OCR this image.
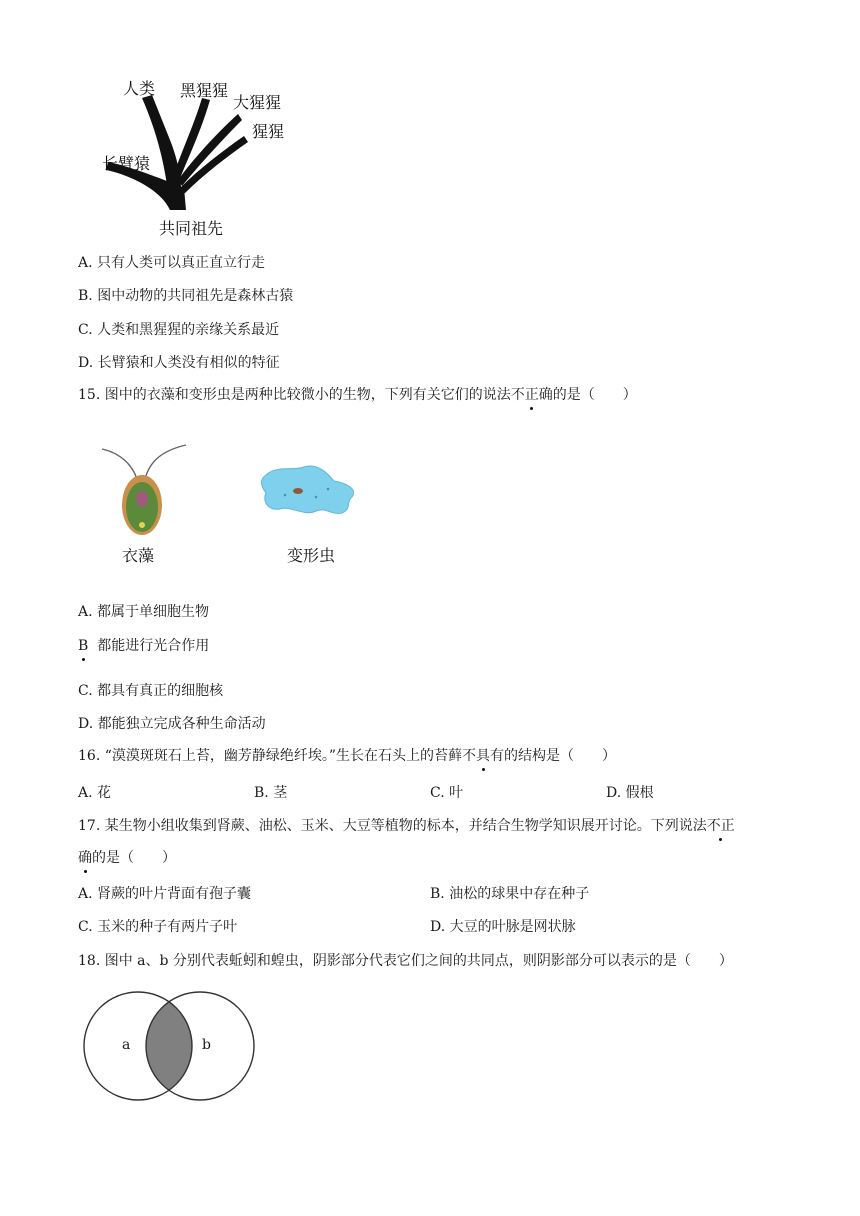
人类 黑猩猩
大猩猩
猩猩
长臂猿
共同祖先
A. 只有人类可以真正直立行走
B. 图中动物的共同祖先是森林古猿
C. 人类和黑猩猩的亲缘关系最近
D. 长臂猿和人类没有相似的特征
15. 图中的衣藻和变形虫是两种比较微小的生物，下列有关它们的说法不正确的是（　　）
衣藻	变形虫
A. 都属于单细胞生物
B 都能进行光合作用
C. 都具有真正的细胞核
D. 都能独立完成各种生命活动
16. “漠漠斑斑石上苔，幽芳静绿绝纤埃。”生长在石头上的苔藓不具有的结构是（　　）
A. 花	B. 茎	C. 叶	D. 假根
17. 某生物小组收集到肾蕨、油松、玉米、大豆等植物的标本，并结合生物学知识展开讨论。下列说法不正
确的是（　　）
A. 肾蕨的叶片背面有孢子囊	B. 油松的球果中存在种子
C. 玉米的种子有两片子叶	D. 大豆的叶脉是网状脉
18. 图中 a、b 分别代表蚯蚓和蝗虫，阴影部分代表它们之间的共同点，则阴影部分可以表示的是（　　）
a	b
